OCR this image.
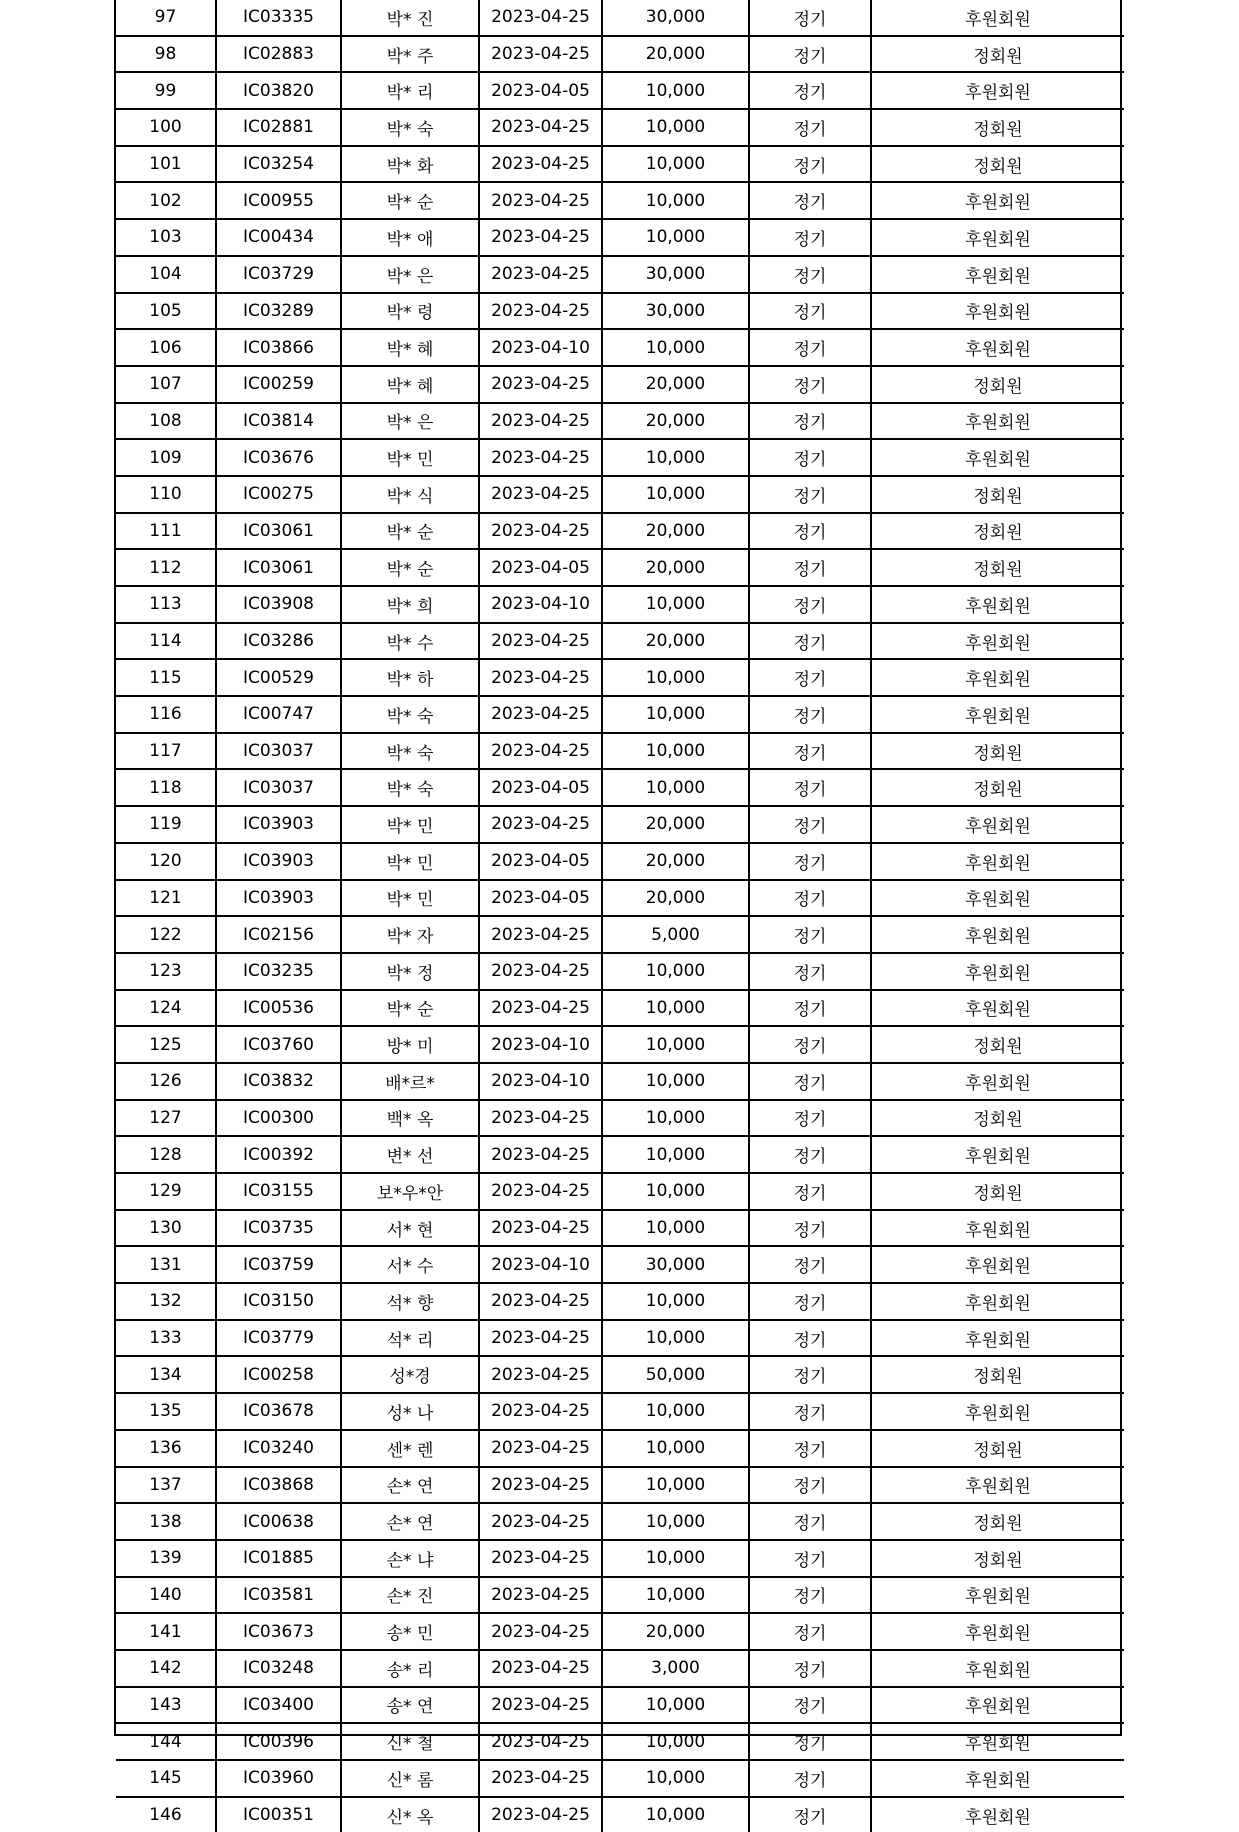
97	IC03335	박* 진	2023-04-25	30,000	정기	후원회원
98	IC02883	박* 주	2023-04-25	20,000	정기	정회원
99	IC03820	박* 리	2023-04-05	10,000	정기	후원회원
100	IC02881	박* 숙	2023-04-25	10,000	정기	정회원
101	IC03254	박* 화	2023-04-25	10,000	정기	정회원
102	IC00955	박* 순	2023-04-25	10,000	정기	후원회원
103	IC00434	박* 애	2023-04-25	10,000	정기	후원회원
104	IC03729	박* 은	2023-04-25	30,000	정기	후원회원
105	IC03289	박* 령	2023-04-25	30,000	정기	후원회원
106	IC03866	박* 혜	2023-04-10	10,000	정기	후원회원
107	IC00259	박* 혜	2023-04-25	20,000	정기	정회원
108	IC03814	박* 은	2023-04-25	20,000	정기	후원회원
109	IC03676	박* 민	2023-04-25	10,000	정기	후원회원
110	IC00275	박* 식	2023-04-25	10,000	정기	정회원
111	IC03061	박* 순	2023-04-25	20,000	정기	정회원
112	IC03061	박* 순	2023-04-05	20,000	정기	정회원
113	IC03908	박* 희	2023-04-10	10,000	정기	후원회원
114	IC03286	박* 수	2023-04-25	20,000	정기	후원회원
115	IC00529	박* 하	2023-04-25	10,000	정기	후원회원
116	IC00747	박* 숙	2023-04-25	10,000	정기	후원회원
117	IC03037	박* 숙	2023-04-25	10,000	정기	정회원
118	IC03037	박* 숙	2023-04-05	10,000	정기	정회원
119	IC03903	박* 민	2023-04-25	20,000	정기	후원회원
120	IC03903	박* 민	2023-04-05	20,000	정기	후원회원
121	IC03903	박* 민	2023-04-05	20,000	정기	후원회원
122	IC02156	박* 자	2023-04-25	5,000	정기	후원회원
123	IC03235	박* 정	2023-04-25	10,000	정기	후원회원
124	IC00536	박* 순	2023-04-25	10,000	정기	후원회원
125	IC03760	방* 미	2023-04-10	10,000	정기	정회원
126	IC03832	배*르*	2023-04-10	10,000	정기	후원회원
127	IC00300	백* 옥	2023-04-25	10,000	정기	정회원
128	IC00392	변* 선	2023-04-25	10,000	정기	후원회원
129	IC03155	보*우*안	2023-04-25	10,000	정기	정회원
130	IC03735	서* 현	2023-04-25	10,000	정기	후원회원
131	IC03759	서* 수	2023-04-10	30,000	정기	후원회원
132	IC03150	석* 향	2023-04-25	10,000	정기	후원회원
133	IC03779	석* 리	2023-04-25	10,000	정기	후원회원
134	IC00258	성*경	2023-04-25	50,000	정기	정회원
135	IC03678	성* 나	2023-04-25	10,000	정기	후원회원
136	IC03240	센* 렌	2023-04-25	10,000	정기	정회원
137	IC03868	손* 연	2023-04-25	10,000	정기	후원회원
138	IC00638	손* 연	2023-04-25	10,000	정기	정회원
139	IC01885	손* 냐	2023-04-25	10,000	정기	정회원
140	IC03581	손* 진	2023-04-25	10,000	정기	후원회원
141	IC03673	송* 민	2023-04-25	20,000	정기	후원회원
142	IC03248	송* 리	2023-04-25	3,000	정기	후원회원
143	IC03400	송* 연	2023-04-25	10,000	정기	후원회원
144	IC00396	신* 철	2023-04-25	10,000	정기	후원회원
145	IC03960	신* 롬	2023-04-25	10,000	정기	후원회원
146	IC00351	신* 옥	2023-04-25	10,000	정기	후원회원
